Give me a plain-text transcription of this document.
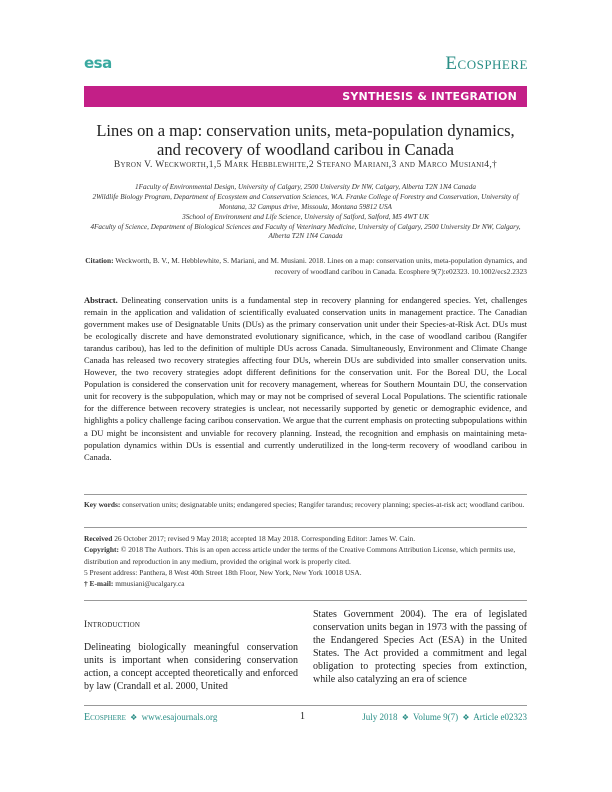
esa	Ecosphere
SYNTHESIS & INTEGRATION
Lines on a map: conservation units, meta-population dynamics, and recovery of woodland caribou in Canada
Byron V. Weckworth,1,5 Mark Hebblewhite,2 Stefano Mariani,3 and Marco Musiani4,†
1Faculty of Environmental Design, University of Calgary, 2500 University Dr NW, Calgary, Alberta T2N 1N4 Canada
2Wildlife Biology Program, Department of Ecosystem and Conservation Sciences, W.A. Franke College of Forestry and Conservation, University of Montana, 32 Campus drive, Missoula, Montana 59812 USA
3School of Environment and Life Science, University of Salford, Salford, M5 4WT UK
4Faculty of Science, Department of Biological Sciences and Faculty of Veterinary Medicine, University of Calgary, 2500 University Dr NW, Calgary, Alberta T2N 1N4 Canada
Citation: Weckworth, B. V., M. Hebblewhite, S. Mariani, and M. Musiani. 2018. Lines on a map: conservation units, meta-population dynamics, and recovery of woodland caribou in Canada. Ecosphere 9(7):e02323. 10.1002/ecs2.2323
Abstract. Delineating conservation units is a fundamental step in recovery planning for endangered species. Yet, challenges remain in the application and validation of scientifically evaluated conservation units in management practice. The Canadian government makes use of Designatable Units (DUs) as the primary conservation unit under their Species-at-Risk Act. DUs must be ecologically discrete and have demonstrated evolutionary significance, which, in the case of woodland caribou (Rangifer tarandus caribou), has led to the definition of multiple DUs across Canada. Simultaneously, Environment and Climate Change Canada has released two recovery strategies affecting four DUs, wherein DUs are subdivided into smaller conservation units. However, the two recovery strategies adopt different definitions for the conservation unit. For the Boreal DU, the Local Population is considered the conservation unit for recovery management, whereas for Southern Mountain DU, the conservation unit for recovery is the subpopulation, which may or may not be comprised of several Local Populations. The scientific rationale for the difference between recovery strategies is unclear, not necessarily supported by genetic or demographic evidence, and highlights a policy challenge facing caribou conservation. We argue that the current emphasis on protecting subpopulations within a DU might be inconsistent and unviable for recovery planning. Instead, the recognition and emphasis on maintaining meta-population dynamics within DUs is essential and currently underutilized in the long-term recovery of woodland caribou in Canada.
Key words: conservation units; designatable units; endangered species; Rangifer tarandus; recovery planning; species-at-risk act; woodland caribou.
Received 26 October 2017; revised 9 May 2018; accepted 18 May 2018. Corresponding Editor: James W. Cain.
Copyright: © 2018 The Authors. This is an open access article under the terms of the Creative Commons Attribution License, which permits use, distribution and reproduction in any medium, provided the original work is properly cited.
5 Present address: Panthera, 8 West 40th Street 18th Floor, New York, New York 10018 USA.
† E-mail: mmusiani@ucalgary.ca
Introduction
Delineating biologically meaningful conservation units is important when considering conservation action, a concept accepted theoretically and enforced by law (Crandall et al. 2000, United
States Government 2004). The era of legislated conservation units began in 1973 with the passing of the Endangered Species Act (ESA) in the United States. The Act provided a commitment and legal obligation to protecting species from extinction, while also catalyzing an era of science
Ecosphere ❖ www.esajournals.org	1	July 2018 ❖ Volume 9(7) ❖ Article e02323
